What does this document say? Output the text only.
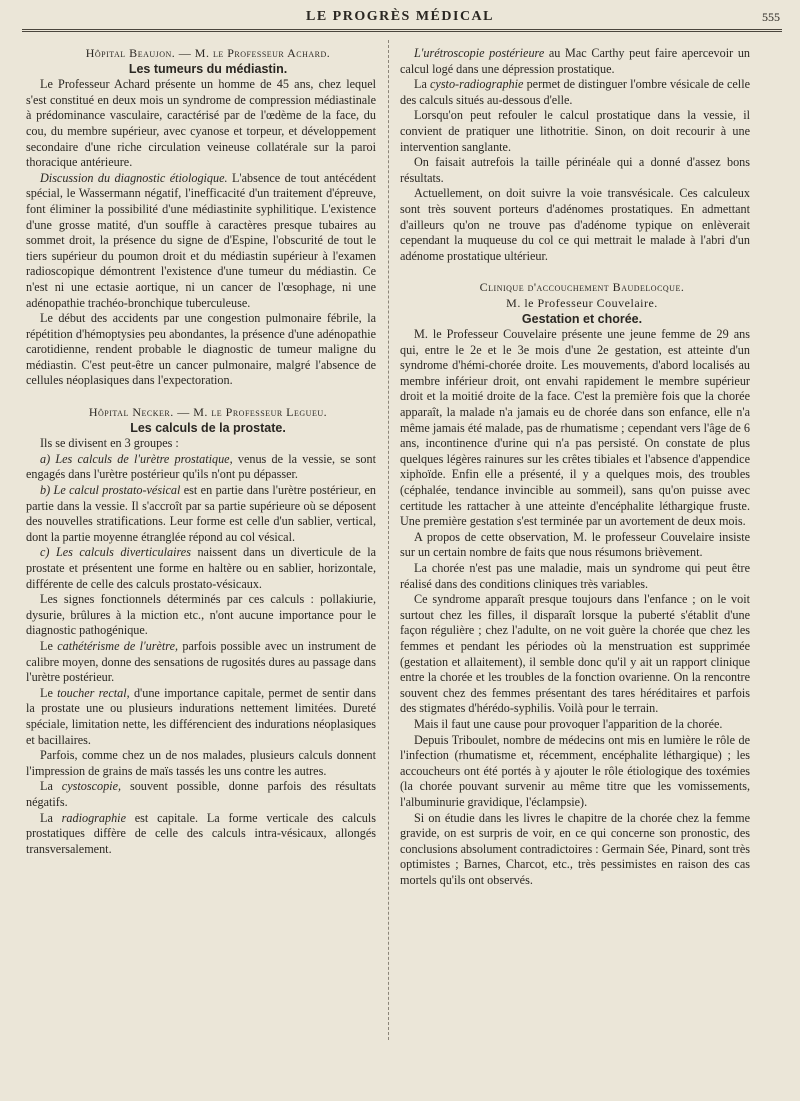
LE PROGRÈS MÉDICAL	555

Hôpital Beaujon. — M. le Professeur Achard.

Les tumeurs du médiastin.

Le Professeur Achard présente un homme de 45 ans, chez lequel s'est constitué en deux mois un syndrome de compression médiastinale à prédominance vasculaire, caractérisé par de l'œdème de la face, du cou, du membre supérieur, avec cyanose et torpeur, et développement secondaire d'une riche circulation veineuse collatérale sur la paroi thoracique antérieure.

Discussion du diagnostic étiologique. L'absence de tout antécédent spécial, le Wassermann négatif, l'inefficacité d'un traitement d'épreuve, font éliminer la possibilité d'une médiastinite syphilitique. L'existence d'une grosse matité, d'un souffle à caractères presque tubaires au sommet droit, la présence du signe de d'Espine, l'obscurité de tout le tiers supérieur du poumon droit et du médiastin supérieur à l'examen radioscopique démontrent l'existence d'une tumeur du médiastin. Ce n'est ni une ectasie aortique, ni un cancer de l'œsophage, ni une adénopathie trachéo-bronchique tuberculeuse.

Le début des accidents par une congestion pulmonaire fébrile, la répétition d'hémoptysies peu abondantes, la présence d'une adénopathie carotidienne, rendent probable le diagnostic de tumeur maligne du médiastin. C'est peut-être un cancer pulmonaire, malgré l'absence de cellules néoplasiques dans l'expectoration.

Hôpital Necker. — M. le Professeur Legueu.

Les calculs de la prostate.

Ils se divisent en 3 groupes :

a) Les calculs de l'urètre prostatique, venus de la vessie, se sont engagés dans l'urètre postérieur qu'ils n'ont pu dépasser.

b) Le calcul prostato-vésical est en partie dans l'urètre postérieur, en partie dans la vessie. Il s'accroît par sa partie supérieure où se déposent des nouvelles stratifications. Leur forme est celle d'un sablier, vertical, dont la partie moyenne étranglée répond au col vésical.

c) Les calculs diverticulaires naissent dans un diverticule de la prostate et présentent une forme en haltère ou en sablier, horizontale, différente de celle des calculs prostato-vésicaux.

Les signes fonctionnels déterminés par ces calculs : pollakiurie, dysurie, brûlures à la miction etc., n'ont aucune importance pour le diagnostic pathogénique.

Le cathétérisme de l'urètre, parfois possible avec un instrument de calibre moyen, donne des sensations de rugosités dures au passage dans l'urètre postérieur.

Le toucher rectal, d'une importance capitale, permet de sentir dans la prostate une ou plusieurs indurations nettement limitées. Dureté spéciale, limitation nette, les différencient des indurations néoplasiques et bacillaires.

Parfois, comme chez un de nos malades, plusieurs calculs donnent l'impression de grains de maïs tassés les uns contre les autres.

La cystoscopie, souvent possible, donne parfois des résultats négatifs.

La radiographie est capitale. La forme verticale des calculs prostatiques diffère de celle des calculs intra-vésicaux, allongés transversalement.

L'urétroscopie postérieure au Mac Carthy peut faire apercevoir un calcul logé dans une dépression prostatique.

La cysto-radiographie permet de distinguer l'ombre vésicale de celle des calculs situés au-dessous d'elle.

Lorsqu'on peut refouler le calcul prostatique dans la vessie, il convient de pratiquer une lithotritie. Sinon, on doit recourir à une intervention sanglante.

On faisait autrefois la taille périnéale qui a donné d'assez bons résultats.

Actuellement, on doit suivre la voie transvésicale. Ces calculeux sont très souvent porteurs d'adénomes prostatiques. En admettant d'ailleurs qu'on ne trouve pas d'adénome typique on enlèverait cependant la muqueuse du col ce qui mettrait le malade à l'abri d'un adénome prostatique ultérieur.

Clinique d'accouchement Baudelocque.

M. le Professeur Couvelaire.

Gestation et chorée.

M. le Professeur Couvelaire présente une jeune femme de 29 ans qui, entre le 2e et le 3e mois d'une 2e gestation, est atteinte d'un syndrome d'hémi-chorée droite. Les mouvements, d'abord localisés au membre inférieur droit, ont envahi rapidement le membre supérieur droit et la moitié droite de la face. C'est la première fois que la chorée apparaît, la malade n'a jamais eu de chorée dans son enfance, elle n'a même jamais été malade, pas de rhumatisme ; cependant vers l'âge de 6 ans, incontinence d'urine qui n'a pas persisté. On constate de plus quelques légères rainures sur les crêtes tibiales et l'absence d'appendice xiphoïde. Enfin elle a présenté, il y a quelques mois, des troubles (céphalée, tendance invincible au sommeil), sans qu'on puisse avec certitude les rattacher à une atteinte d'encéphalite léthargique fruste. Une première gestation s'est terminée par un avortement de deux mois.

A propos de cette observation, M. le professeur Couvelaire insiste sur un certain nombre de faits que nous résumons brièvement.

La chorée n'est pas une maladie, mais un syndrome qui peut être réalisé dans des conditions cliniques très variables.

Ce syndrome apparaît presque toujours dans l'enfance ; on le voit surtout chez les filles, il disparaît lorsque la puberté s'établit d'une façon régulière ; chez l'adulte, on ne voit guère la chorée que chez les femmes et pendant les périodes où la menstruation est supprimée (gestation et allaitement), il semble donc qu'il y ait un rapport clinique entre la chorée et les troubles de la fonction ovarienne. On la rencontre souvent chez des femmes présentant des tares héréditaires et parfois des stigmates d'hérédo-syphilis. Voilà pour le terrain.

Mais il faut une cause pour provoquer l'apparition de la chorée.

Depuis Triboulet, nombre de médecins ont mis en lumière le rôle de l'infection (rhumatisme et, récemment, encéphalite léthargique) ; les accoucheurs ont été portés à y ajouter le rôle étiologique des toxémies (la chorée pouvant survenir au même titre que les vomissements, l'albuminurie gravidique, l'éclampsie).

Si on étudie dans les livres le chapitre de la chorée chez la femme gravide, on est surpris de voir, en ce qui concerne son pronostic, des conclusions absolument contradictoires : Germain Sée, Pinard, sont très optimistes ; Barnes, Charcot, etc., très pessimistes en raison des cas mortels qu'ils ont observés.
